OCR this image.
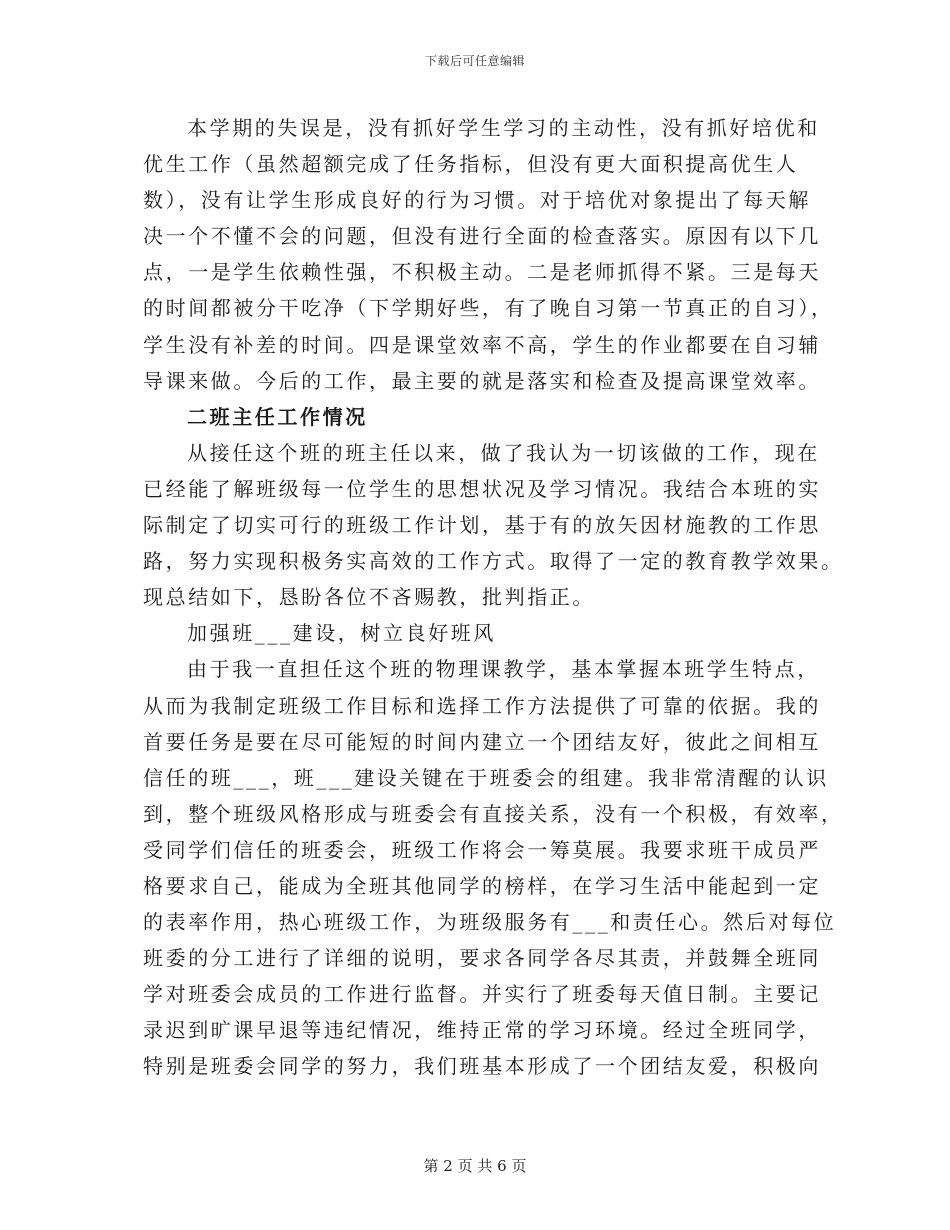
下载后可任意编辑
本学期的失误是，没有抓好学生学习的主动性，没有抓好培优和
优生工作（虽然超额完成了任务指标，但没有更大面积提高优生人
数），没有让学生形成良好的行为习惯。对于培优对象提出了每天解
决一个不懂不会的问题，但没有进行全面的检查落实。原因有以下几
点，一是学生依赖性强，不积极主动。二是老师抓得不紧。三是每天
的时间都被分干吃净（下学期好些，有了晚自习第一节真正的自习），
学生没有补差的时间。四是课堂效率不高，学生的作业都要在自习辅
导课来做。今后的工作，最主要的就是落实和检查及提高课堂效率。
二班主任工作情况
从接任这个班的班主任以来，做了我认为一切该做的工作，现在
已经能了解班级每一位学生的思想状况及学习情况。我结合本班的实
际制定了切实可行的班级工作计划，基于有的放矢因材施教的工作思
路，努力实现积极务实高效的工作方式。取得了一定的教育教学效果。
现总结如下，恳盼各位不吝赐教，批判指正。
加强班___建设，树立良好班风
由于我一直担任这个班的物理课教学，基本掌握本班学生特点，
从而为我制定班级工作目标和选择工作方法提供了可靠的依据。我的
首要任务是要在尽可能短的时间内建立一个团结友好，彼此之间相互
信任的班___，班___建设关键在于班委会的组建。我非常清醒的认识
到，整个班级风格形成与班委会有直接关系，没有一个积极，有效率，
受同学们信任的班委会，班级工作将会一筹莫展。我要求班干成员严
格要求自己，能成为全班其他同学的榜样，在学习生活中能起到一定
的表率作用，热心班级工作，为班级服务有___和责任心。然后对每位
班委的分工进行了详细的说明，要求各同学各尽其责，并鼓舞全班同
学对班委会成员的工作进行监督。并实行了班委每天值日制。主要记
录迟到旷课早退等违纪情况，维持正常的学习环境。经过全班同学，
特别是班委会同学的努力，我们班基本形成了一个团结友爱，积极向
第 2 页 共 6 页
